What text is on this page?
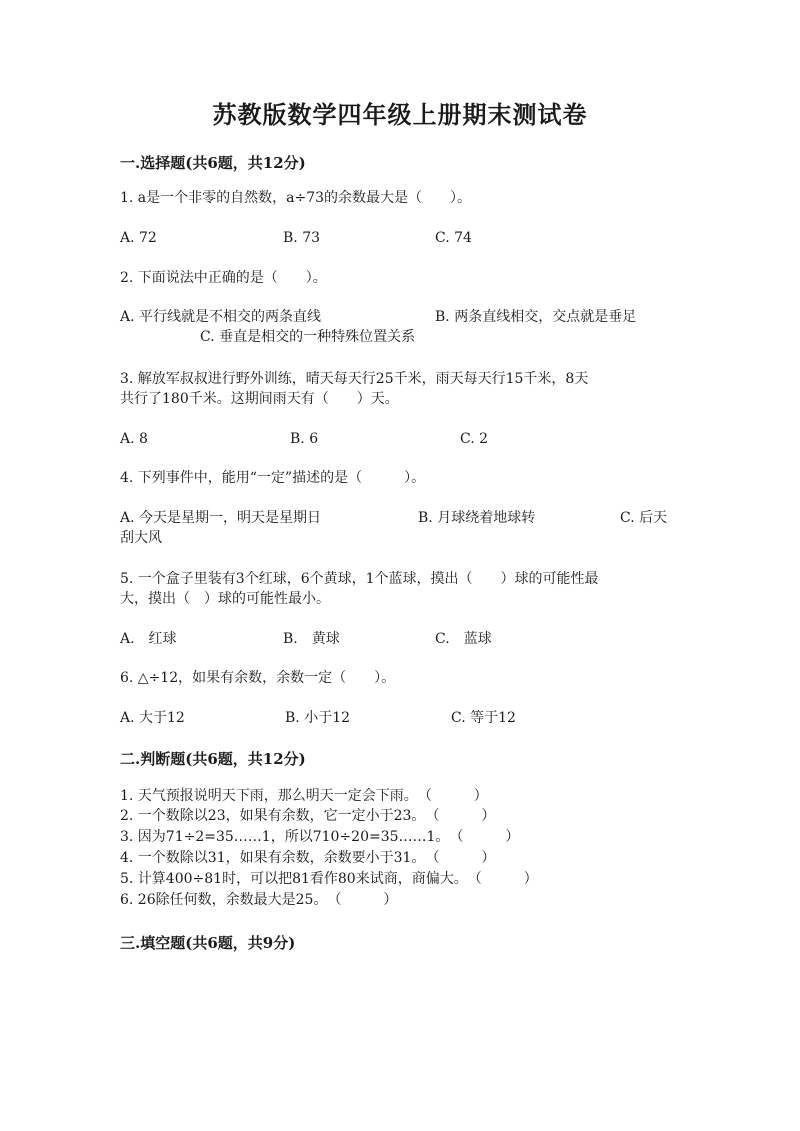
苏教版数学四年级上册期末测试卷
一.选择题(共6题，共12分)
1. a是一个非零的自然数，a÷73的余数最大是（　　）。
A. 72	B. 73	C. 74
2. 下面说法中正确的是（　　）。
A. 平行线就是不相交的两条直线	B. 两条直线相交，交点就是垂足
C. 垂直是相交的一种特殊位置关系
3. 解放军叔叔进行野外训练，晴天每天行25千米，雨天每天行15千米，8天
共行了180千米。这期间雨天有（　　）天。
A. 8	B. 6	C. 2
4. 下列事件中，能用“一定”描述的是（　　　）。
A. 今天是星期一，明天是星期日	B. 月球绕着地球转	C. 后天
刮大风
5. 一个盒子里装有3个红球，6个黄球，1个蓝球，摸出（　　）球的可能性最
大，摸出（　）球的可能性最小。
A.　红球	B.　黄球	C.　蓝球
6. △÷12，如果有余数，余数一定（　　）。
A. 大于12	B. 小于12	C. 等于12
二.判断题(共6题，共12分)
1. 天气预报说明天下雨，那么明天一定会下雨。（　　　）
2. 一个数除以23，如果有余数，它一定小于23。（　　　）
3. 因为71÷2=35……1，所以710÷20=35……1。（　　　）
4. 一个数除以31，如果有余数，余数要小于31。（　　　）
5. 计算400÷81时，可以把81看作80来试商，商偏大。（　　　）
6. 26除任何数，余数最大是25。（　　　）
三.填空题(共6题，共9分)
